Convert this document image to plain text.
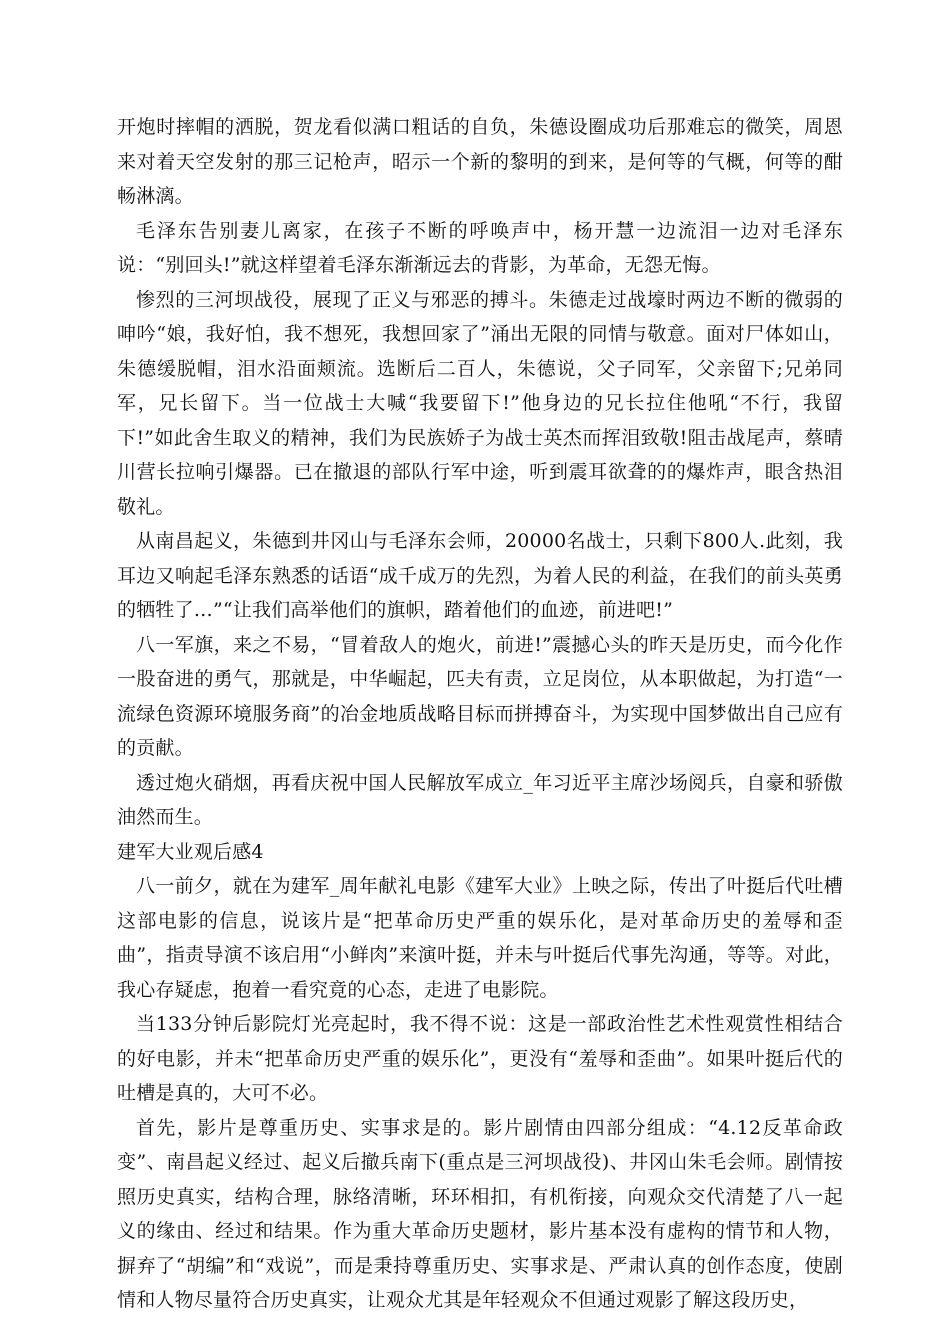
开炮时摔帽的洒脱，贺龙看似满口粗话的自负，朱德设圈成功后那难忘的微笑，周恩来对着天空发射的那三记枪声，昭示一个新的黎明的到来，是何等的气概，何等的酣畅淋漓。

毛泽东告别妻儿离家，在孩子不断的呼唤声中，杨开慧一边流泪一边对毛泽东说：“别回头!”就这样望着毛泽东渐渐远去的背影，为革命，无怨无悔。

惨烈的三河坝战役，展现了正义与邪恶的搏斗。朱德走过战壕时两边不断的微弱的呻吟“娘，我好怕，我不想死，我想回家了”涌出无限的同情与敬意。面对尸体如山，朱德缓脱帽，泪水沿面颊流。选断后二百人，朱德说，父子同军，父亲留下;兄弟同军，兄长留下。当一位战士大喊“我要留下!”他身边的兄长拉住他吼“不行，我留下!”如此舍生取义的精神，我们为民族娇子为战士英杰而挥泪致敬!阻击战尾声，蔡晴川营长拉响引爆器。已在撤退的部队行军中途，听到震耳欲聋的的爆炸声，眼含热泪敬礼。

从南昌起义，朱德到井冈山与毛泽东会师，20000名战士，只剩下800人.此刻，我耳边又响起毛泽东熟悉的话语“成千成万的先烈，为着人民的利益，在我们的前头英勇的牺牲了…”“让我们高举他们的旗帜，踏着他们的血迹，前进吧!”

八一军旗，来之不易，“冒着敌人的炮火，前进!”震撼心头的昨天是历史，而今化作一股奋进的勇气，那就是，中华崛起，匹夫有责，立足岗位，从本职做起，为打造“一流绿色资源环境服务商”的冶金地质战略目标而拼搏奋斗，为实现中国梦做出自己应有的贡献。

透过炮火硝烟，再看庆祝中国人民解放军成立_年习近平主席沙场阅兵，自豪和骄傲油然而生。

建军大业观后感4

八一前夕，就在为建军_周年献礼电影《建军大业》上映之际，传出了叶挺后代吐槽这部电影的信息，说该片是“把革命历史严重的娱乐化，是对革命历史的羞辱和歪曲”，指责导演不该启用“小鲜肉”来演叶挺，并未与叶挺后代事先沟通，等等。对此，我心存疑虑，抱着一看究竟的心态，走进了电影院。

当133分钟后影院灯光亮起时，我不得不说：这是一部政治性艺术性观赏性相结合的好电影，并未“把革命历史严重的娱乐化”，更没有“羞辱和歪曲”。如果叶挺后代的吐槽是真的，大可不必。

首先，影片是尊重历史、实事求是的。影片剧情由四部分组成：“4.12反革命政变”、南昌起义经过、起义后撤兵南下(重点是三河坝战役)、井冈山朱毛会师。剧情按照历史真实，结构合理，脉络清晰，环环相扣，有机衔接，向观众交代清楚了八一起义的缘由、经过和结果。作为重大革命历史题材，影片基本没有虚构的情节和人物，摒弃了“胡编”和“戏说”，而是秉持尊重历史、实事求是、严肃认真的创作态度，使剧情和人物尽量符合历史真实，让观众尤其是年轻观众不但通过观影了解这段历史，
